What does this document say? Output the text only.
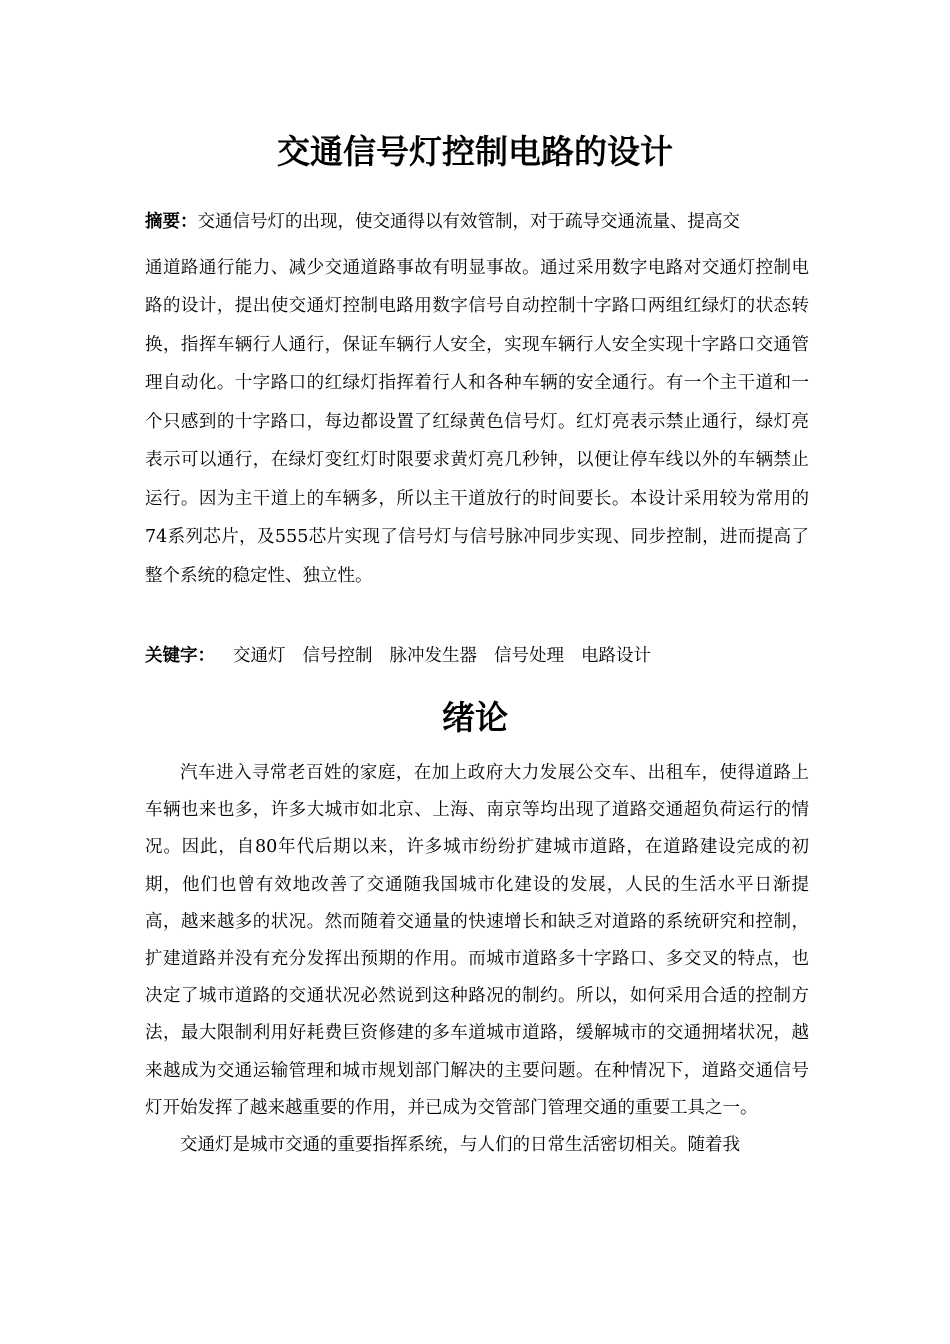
交通信号灯控制电路的设计
摘要：交通信号灯的出现，使交通得以有效管制，对于疏导交通流量、提高交
通道路通行能力、减少交通道路事故有明显事故。通过采用数字电路对交通灯控制电路的设计，提出使交通灯控制电路用数字信号自动控制十字路口两组红绿灯的状态转换，指挥车辆行人通行，保证车辆行人安全，实现车辆行人安全实现十字路口交通管理自动化。十字路口的红绿灯指挥着行人和各种车辆的安全通行。有一个主干道和一个只感到的十字路口，每边都设置了红绿黄色信号灯。红灯亮表示禁止通行，绿灯亮表示可以通行，在绿灯变红灯时限要求黄灯亮几秒钟，以便让停车线以外的车辆禁止运行。因为主干道上的车辆多，所以主干道放行的时间要长。本设计采用较为常用的74系列芯片，及555芯片实现了信号灯与信号脉冲同步实现、同步控制，进而提高了整个系统的稳定性、独立性。
关键字： 交通灯 信号控制 脉冲发生器 信号处理 电路设计
绪论

汽车进入寻常老百姓的家庭，在加上政府大力发展公交车、出租车，使得道路上车辆也来也多，许多大城市如北京、上海、南京等均出现了道路交通超负荷运行的情况。因此，自80年代后期以来，许多城市纷纷扩建城市道路，在道路建设完成的初期，他们也曾有效地改善了交通随我国城市化建设的发展，人民的生活水平日渐提高，越来越多的状况。然而随着交通量的快速增长和缺乏对道路的系统研究和控制，扩建道路并没有充分发挥出预期的作用。而城市道路多十字路口、多交叉的特点，也决定了城市道路的交通状况必然说到这种路况的制约。所以，如何采用合适的控制方法，最大限制利用好耗费巨资修建的多车道城市道路，缓解城市的交通拥堵状况，越来越成为交通运输管理和城市规划部门解决的主要问题。在种情况下，道路交通信号灯开始发挥了越来越重要的作用，并已成为交管部门管理交通的重要工具之一。

交通灯是城市交通的重要指挥系统，与人们的日常生活密切相关。随着我
